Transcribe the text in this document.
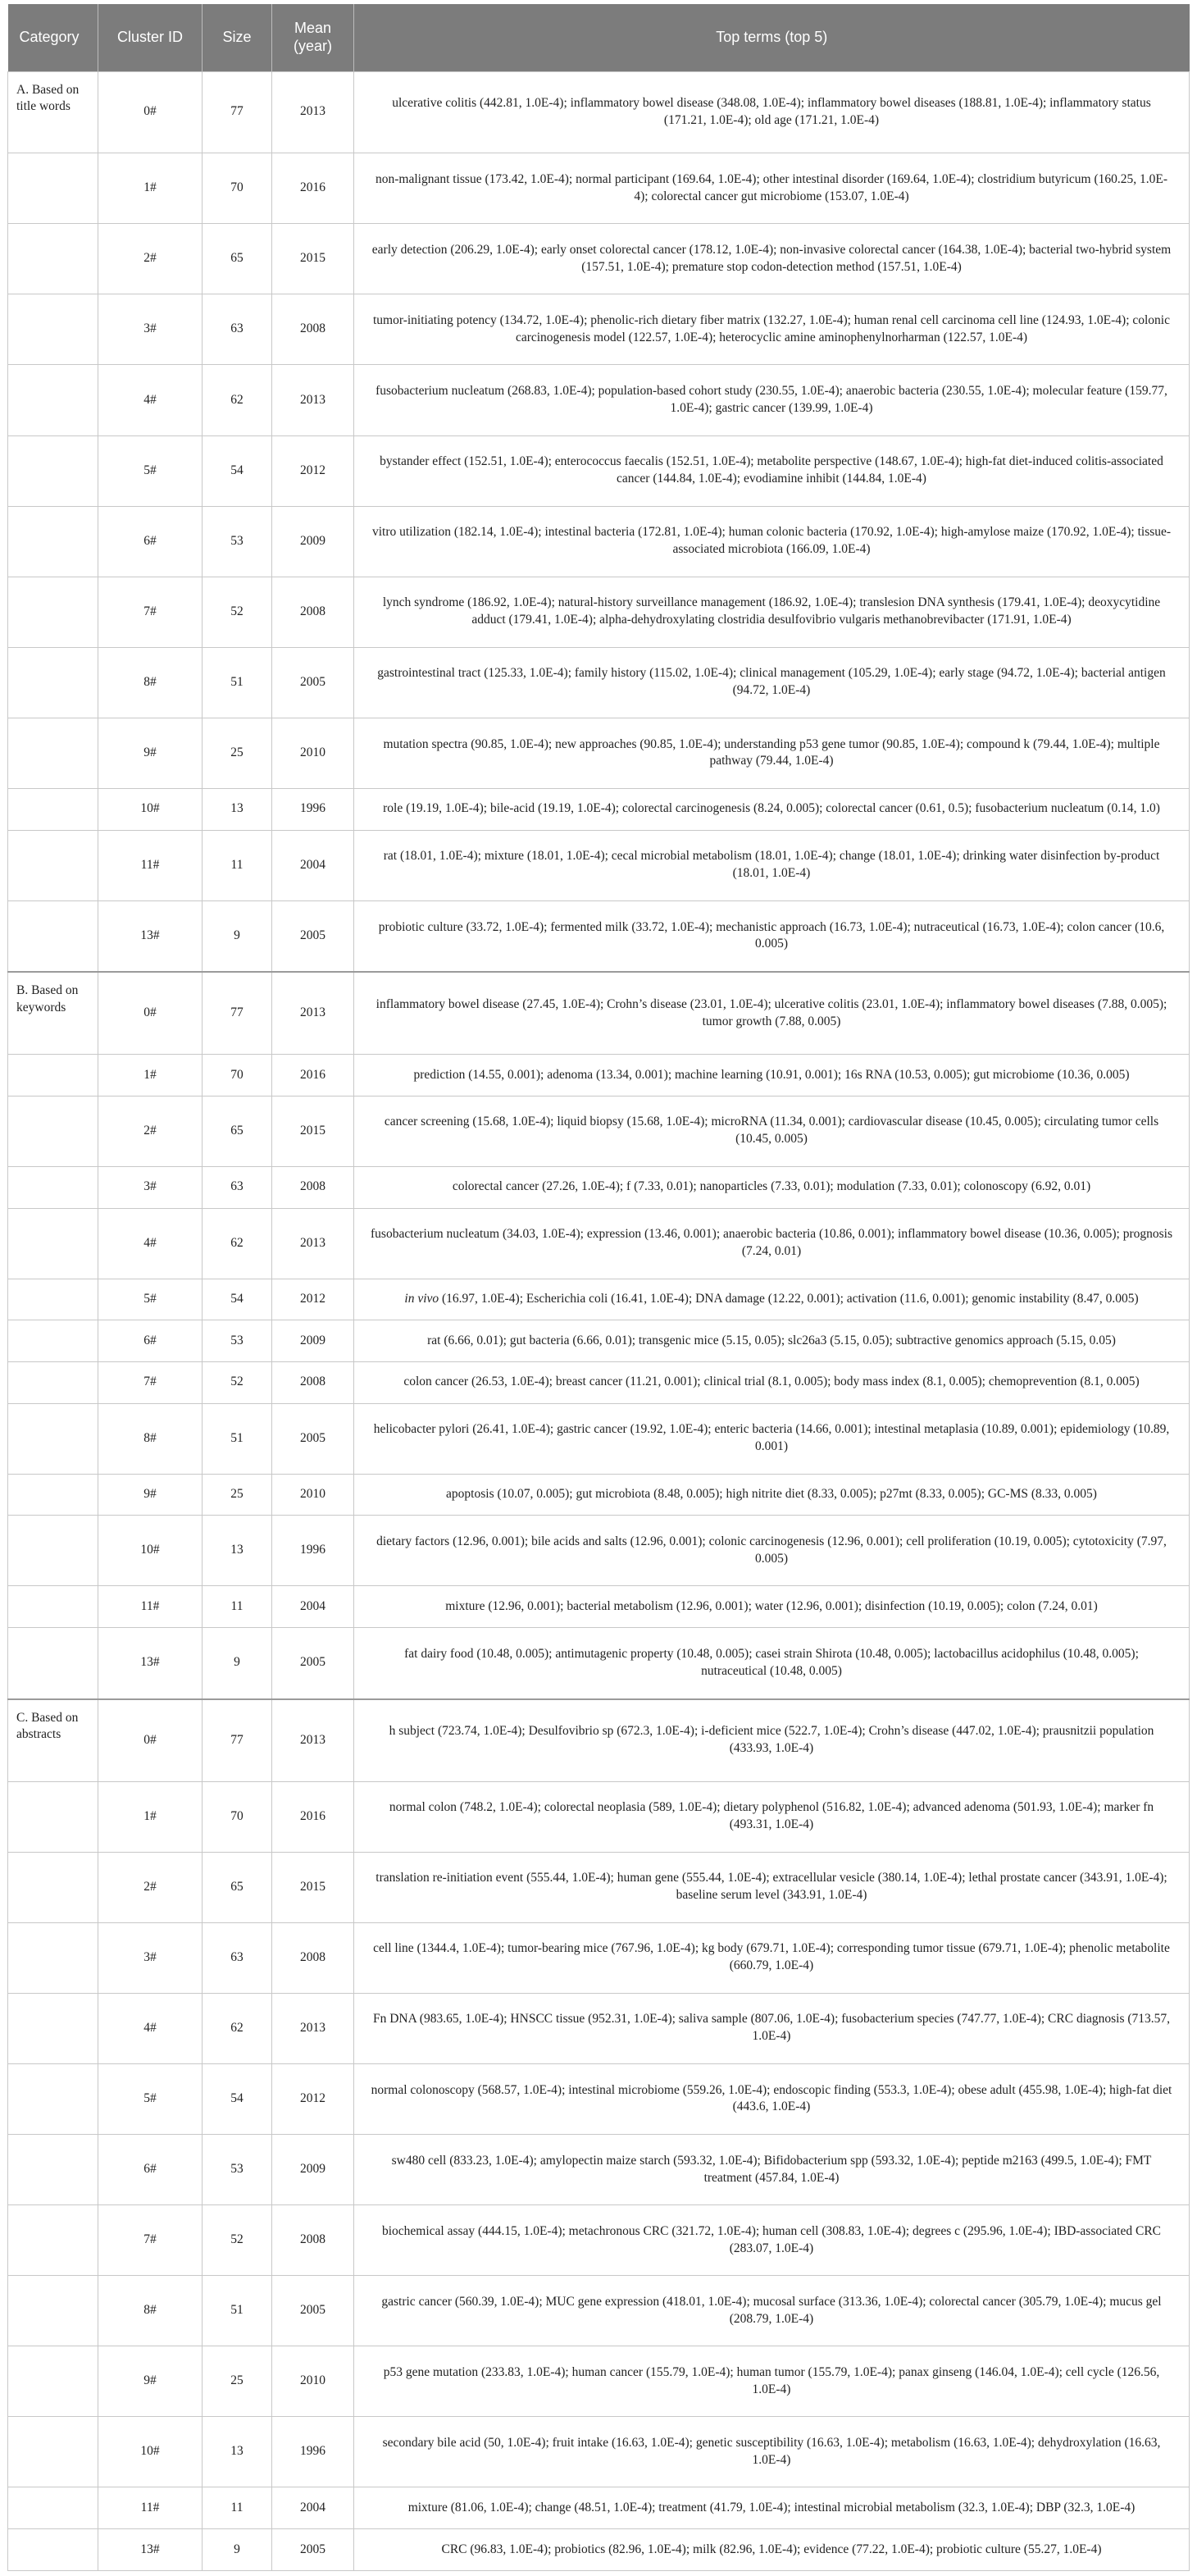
Category	Cluster ID	Size	Mean (year)	Top terms (top 5)
A. Based on title words	0#	77	2013	ulcerative colitis (442.81, 1.0E-4); inflammatory bowel disease (348.08, 1.0E-4); inflammatory bowel diseases (188.81, 1.0E-4); inflammatory status (171.21, 1.0E-4); old age (171.21, 1.0E-4)
	1#	70	2016	non-malignant tissue (173.42, 1.0E-4); normal participant (169.64, 1.0E-4); other intestinal disorder (169.64, 1.0E-4); clostridium butyricum (160.25, 1.0E-4); colorectal cancer gut microbiome (153.07, 1.0E-4)
	2#	65	2015	early detection (206.29, 1.0E-4); early onset colorectal cancer (178.12, 1.0E-4); non-invasive colorectal cancer (164.38, 1.0E-4); bacterial two-hybrid system (157.51, 1.0E-4); premature stop codon-detection method (157.51, 1.0E-4)
	3#	63	2008	tumor-initiating potency (134.72, 1.0E-4); phenolic-rich dietary fiber matrix (132.27, 1.0E-4); human renal cell carcinoma cell line (124.93, 1.0E-4); colonic carcinogenesis model (122.57, 1.0E-4); heterocyclic amine aminophenylnorharman (122.57, 1.0E-4)
	4#	62	2013	fusobacterium nucleatum (268.83, 1.0E-4); population-based cohort study (230.55, 1.0E-4); anaerobic bacteria (230.55, 1.0E-4); molecular feature (159.77, 1.0E-4); gastric cancer (139.99, 1.0E-4)
	5#	54	2012	bystander effect (152.51, 1.0E-4); enterococcus faecalis (152.51, 1.0E-4); metabolite perspective (148.67, 1.0E-4); high-fat diet-induced colitis-associated cancer (144.84, 1.0E-4); evodiamine inhibit (144.84, 1.0E-4)
	6#	53	2009	vitro utilization (182.14, 1.0E-4); intestinal bacteria (172.81, 1.0E-4); human colonic bacteria (170.92, 1.0E-4); high-amylose maize (170.92, 1.0E-4); tissue-associated microbiota (166.09, 1.0E-4)
	7#	52	2008	lynch syndrome (186.92, 1.0E-4); natural-history surveillance management (186.92, 1.0E-4); translesion DNA synthesis (179.41, 1.0E-4); deoxycytidine adduct (179.41, 1.0E-4); alpha-dehydroxylating clostridia desulfovibrio vulgaris methanobrevibacter (171.91, 1.0E-4)
	8#	51	2005	gastrointestinal tract (125.33, 1.0E-4); family history (115.02, 1.0E-4); clinical management (105.29, 1.0E-4); early stage (94.72, 1.0E-4); bacterial antigen (94.72, 1.0E-4)
	9#	25	2010	mutation spectra (90.85, 1.0E-4); new approaches (90.85, 1.0E-4); understanding p53 gene tumor (90.85, 1.0E-4); compound k (79.44, 1.0E-4); multiple pathway (79.44, 1.0E-4)
	10#	13	1996	role (19.19, 1.0E-4); bile-acid (19.19, 1.0E-4); colorectal carcinogenesis (8.24, 0.005); colorectal cancer (0.61, 0.5); fusobacterium nucleatum (0.14, 1.0)
	11#	11	2004	rat (18.01, 1.0E-4); mixture (18.01, 1.0E-4); cecal microbial metabolism (18.01, 1.0E-4); change (18.01, 1.0E-4); drinking water disinfection by-product (18.01, 1.0E-4)
	13#	9	2005	probiotic culture (33.72, 1.0E-4); fermented milk (33.72, 1.0E-4); mechanistic approach (16.73, 1.0E-4); nutraceutical (16.73, 1.0E-4); colon cancer (10.6, 0.005)
B. Based on keywords	0#	77	2013	inflammatory bowel disease (27.45, 1.0E-4); Crohn’s disease (23.01, 1.0E-4); ulcerative colitis (23.01, 1.0E-4); inflammatory bowel diseases (7.88, 0.005); tumor growth (7.88, 0.005)
	1#	70	2016	prediction (14.55, 0.001); adenoma (13.34, 0.001); machine learning (10.91, 0.001); 16s RNA (10.53, 0.005); gut microbiome (10.36, 0.005)
	2#	65	2015	cancer screening (15.68, 1.0E-4); liquid biopsy (15.68, 1.0E-4); microRNA (11.34, 0.001); cardiovascular disease (10.45, 0.005); circulating tumor cells (10.45, 0.005)
	3#	63	2008	colorectal cancer (27.26, 1.0E-4); f (7.33, 0.01); nanoparticles (7.33, 0.01); modulation (7.33, 0.01); colonoscopy (6.92, 0.01)
	4#	62	2013	fusobacterium nucleatum (34.03, 1.0E-4); expression (13.46, 0.001); anaerobic bacteria (10.86, 0.001); inflammatory bowel disease (10.36, 0.005); prognosis (7.24, 0.01)
	5#	54	2012	in vivo (16.97, 1.0E-4); Escherichia coli (16.41, 1.0E-4); DNA damage (12.22, 0.001); activation (11.6, 0.001); genomic instability (8.47, 0.005)
	6#	53	2009	rat (6.66, 0.01); gut bacteria (6.66, 0.01); transgenic mice (5.15, 0.05); slc26a3 (5.15, 0.05); subtractive genomics approach (5.15, 0.05)
	7#	52	2008	colon cancer (26.53, 1.0E-4); breast cancer (11.21, 0.001); clinical trial (8.1, 0.005); body mass index (8.1, 0.005); chemoprevention (8.1, 0.005)
	8#	51	2005	helicobacter pylori (26.41, 1.0E-4); gastric cancer (19.92, 1.0E-4); enteric bacteria (14.66, 0.001); intestinal metaplasia (10.89, 0.001); epidemiology (10.89, 0.001)
	9#	25	2010	apoptosis (10.07, 0.005); gut microbiota (8.48, 0.005); high nitrite diet (8.33, 0.005); p27mt (8.33, 0.005); GC-MS (8.33, 0.005)
	10#	13	1996	dietary factors (12.96, 0.001); bile acids and salts (12.96, 0.001); colonic carcinogenesis (12.96, 0.001); cell proliferation (10.19, 0.005); cytotoxicity (7.97, 0.005)
	11#	11	2004	mixture (12.96, 0.001); bacterial metabolism (12.96, 0.001); water (12.96, 0.001); disinfection (10.19, 0.005); colon (7.24, 0.01)
	13#	9	2005	fat dairy food (10.48, 0.005); antimutagenic property (10.48, 0.005); casei strain Shirota (10.48, 0.005); lactobacillus acidophilus (10.48, 0.005); nutraceutical (10.48, 0.005)
C. Based on abstracts	0#	77	2013	h subject (723.74, 1.0E-4); Desulfovibrio sp (672.3, 1.0E-4); i-deficient mice (522.7, 1.0E-4); Crohn’s disease (447.02, 1.0E-4); prausnitzii population (433.93, 1.0E-4)
	1#	70	2016	normal colon (748.2, 1.0E-4); colorectal neoplasia (589, 1.0E-4); dietary polyphenol (516.82, 1.0E-4); advanced adenoma (501.93, 1.0E-4); marker fn (493.31, 1.0E-4)
	2#	65	2015	translation re-initiation event (555.44, 1.0E-4); human gene (555.44, 1.0E-4); extracellular vesicle (380.14, 1.0E-4); lethal prostate cancer (343.91, 1.0E-4); baseline serum level (343.91, 1.0E-4)
	3#	63	2008	cell line (1344.4, 1.0E-4); tumor-bearing mice (767.96, 1.0E-4); kg body (679.71, 1.0E-4); corresponding tumor tissue (679.71, 1.0E-4); phenolic metabolite (660.79, 1.0E-4)
	4#	62	2013	Fn DNA (983.65, 1.0E-4); HNSCC tissue (952.31, 1.0E-4); saliva sample (807.06, 1.0E-4); fusobacterium species (747.77, 1.0E-4); CRC diagnosis (713.57, 1.0E-4)
	5#	54	2012	normal colonoscopy (568.57, 1.0E-4); intestinal microbiome (559.26, 1.0E-4); endoscopic finding (553.3, 1.0E-4); obese adult (455.98, 1.0E-4); high-fat diet (443.6, 1.0E-4)
	6#	53	2009	sw480 cell (833.23, 1.0E-4); amylopectin maize starch (593.32, 1.0E-4); Bifidobacterium spp (593.32, 1.0E-4); peptide m2163 (499.5, 1.0E-4); FMT treatment (457.84, 1.0E-4)
	7#	52	2008	biochemical assay (444.15, 1.0E-4); metachronous CRC (321.72, 1.0E-4); human cell (308.83, 1.0E-4); degrees c (295.96, 1.0E-4); IBD-associated CRC (283.07, 1.0E-4)
	8#	51	2005	gastric cancer (560.39, 1.0E-4); MUC gene expression (418.01, 1.0E-4); mucosal surface (313.36, 1.0E-4); colorectal cancer (305.79, 1.0E-4); mucus gel (208.79, 1.0E-4)
	9#	25	2010	p53 gene mutation (233.83, 1.0E-4); human cancer (155.79, 1.0E-4); human tumor (155.79, 1.0E-4); panax ginseng (146.04, 1.0E-4); cell cycle (126.56, 1.0E-4)
	10#	13	1996	secondary bile acid (50, 1.0E-4); fruit intake (16.63, 1.0E-4); genetic susceptibility (16.63, 1.0E-4); metabolism (16.63, 1.0E-4); dehydroxylation (16.63, 1.0E-4)
	11#	11	2004	mixture (81.06, 1.0E-4); change (48.51, 1.0E-4); treatment (41.79, 1.0E-4); intestinal microbial metabolism (32.3, 1.0E-4); DBP (32.3, 1.0E-4)
	13#	9	2005	CRC (96.83, 1.0E-4); probiotics (82.96, 1.0E-4); milk (82.96, 1.0E-4); evidence (77.22, 1.0E-4); probiotic culture (55.27, 1.0E-4)
